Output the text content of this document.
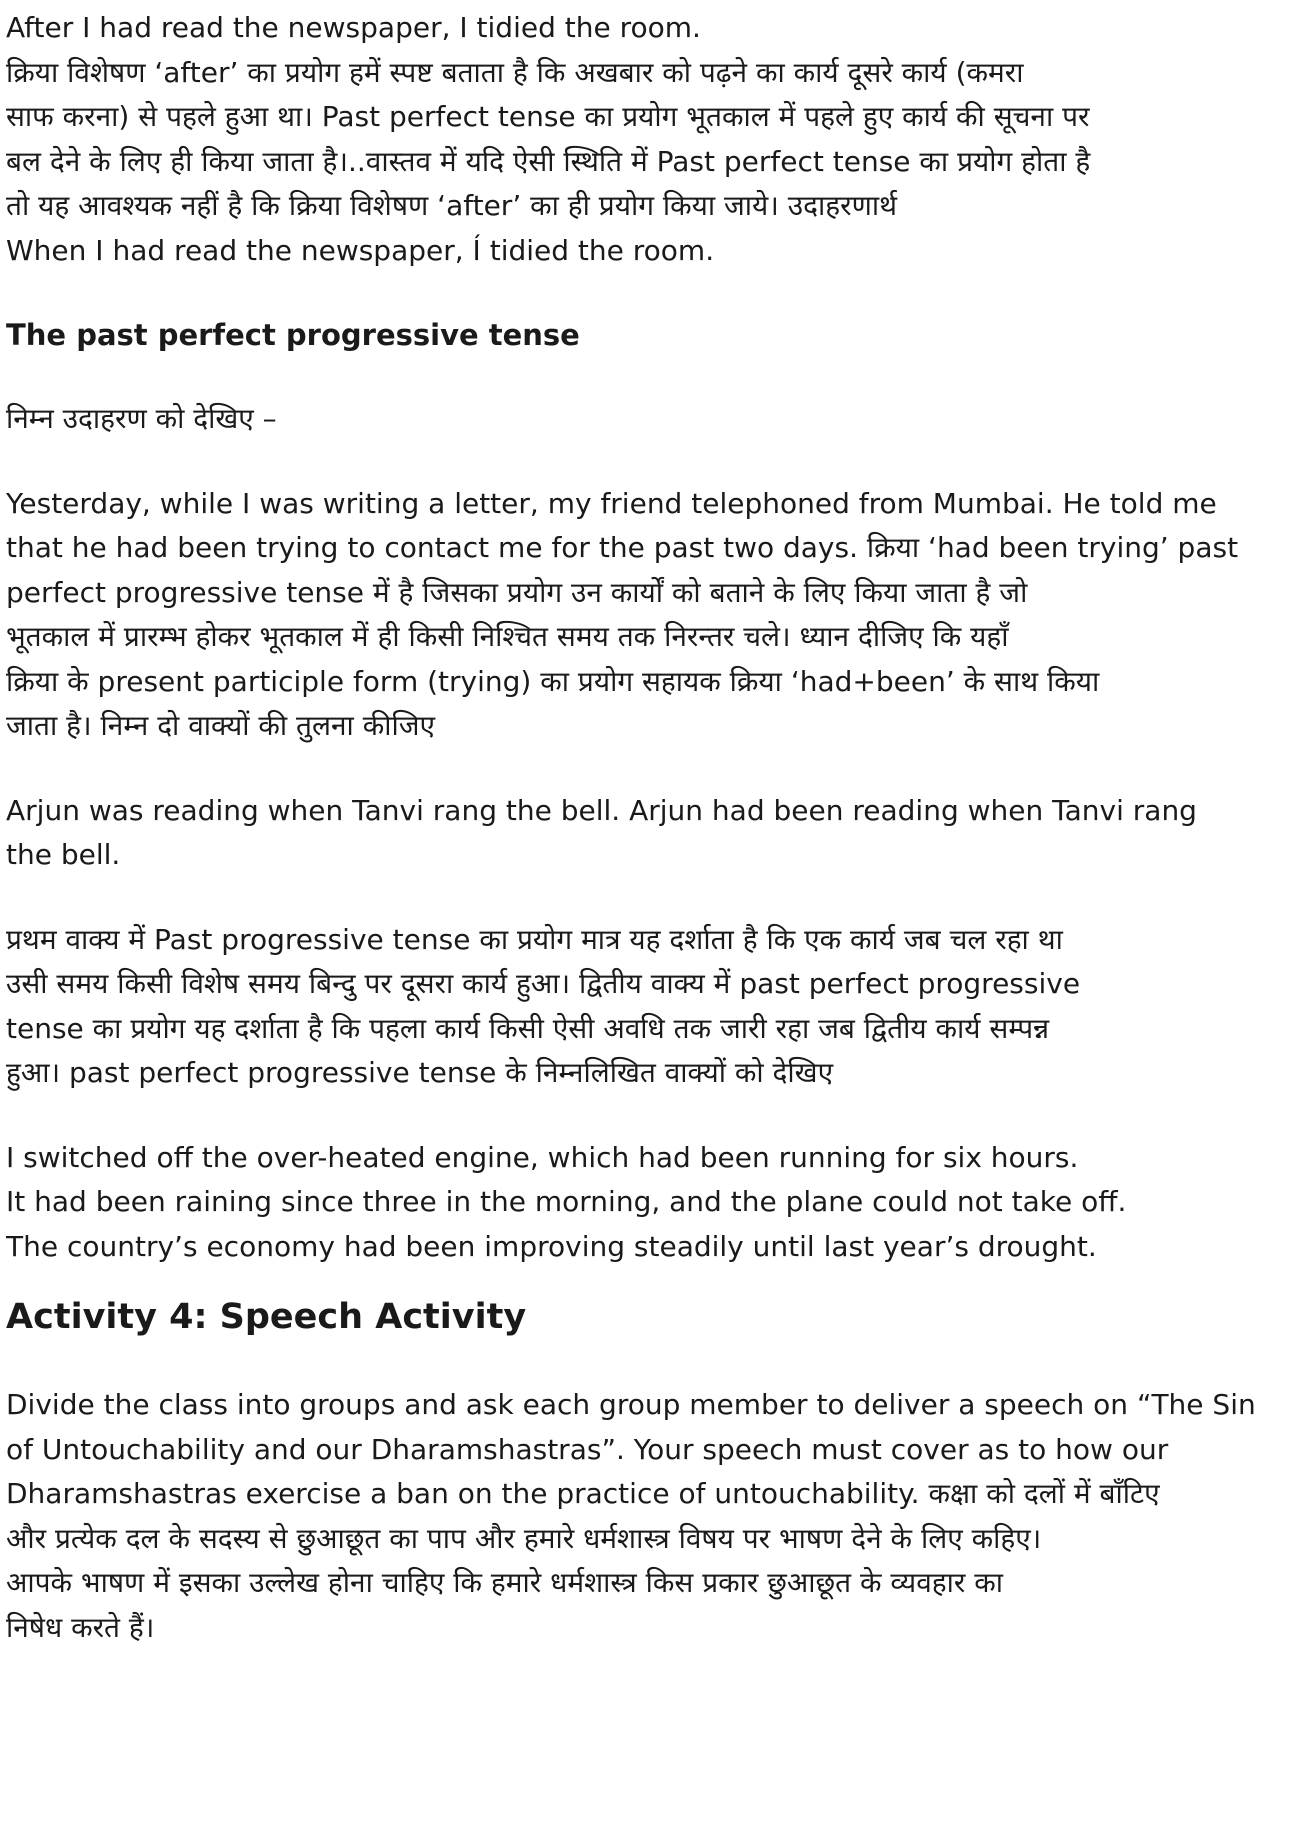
After I had read the newspaper, I tidied the room.

क्रिया विशेषण ‘after’ का प्रयोग हमें स्पष्ट बताता है कि अखबार को पढ़ने का कार्य दूसरे कार्य (कमरा

साफ करना) से पहले हुआ था। Past perfect tense का प्रयोग भूतकाल में पहले हुए कार्य की सूचना पर

बल देने के लिए ही किया जाता है।..वास्तव में यदि ऐसी स्थिति में Past perfect tense का प्रयोग होता है

तो यह आवश्यक नहीं है कि क्रिया विशेषण ‘after’ का ही प्रयोग किया जाये। उदाहरणार्थ

When I had read the newspaper, Í tidied the room.

The past perfect progressive tense

निम्न उदाहरण को देखिए –

Yesterday, while I was writing a letter, my friend telephoned from Mumbai. He told me

that he had been trying to contact me for the past two days. क्रिया ‘had been trying’ past

perfect progressive tense में है जिसका प्रयोग उन कार्यों को बताने के लिए किया जाता है जो

भूतकाल में प्रारम्भ होकर भूतकाल में ही किसी निश्चित समय तक निरन्तर चले। ध्यान दीजिए कि यहाँ

क्रिया के present participle form (trying) का प्रयोग सहायक क्रिया ‘had+been’ के साथ किया

जाता है। निम्न दो वाक्यों की तुलना कीजिए

Arjun was reading when Tanvi rang the bell. Arjun had been reading when Tanvi rang

the bell.

प्रथम वाक्य में Past progressive tense का प्रयोग मात्र यह दर्शाता है कि एक कार्य जब चल रहा था

उसी समय किसी विशेष समय बिन्दु पर दूसरा कार्य हुआ। द्वितीय वाक्य में past perfect progressive

tense का प्रयोग यह दर्शाता है कि पहला कार्य किसी ऐसी अवधि तक जारी रहा जब द्वितीय कार्य सम्पन्न

हुआ। past perfect progressive tense के निम्नलिखित वाक्यों को देखिए

I switched off the over-heated engine, which had been running for six hours.

It had been raining since three in the morning, and the plane could not take off.

The country’s economy had been improving steadily until last year’s drought.

Activity 4: Speech Activity

Divide the class into groups and ask each group member to deliver a speech on “The Sin

of Untouchability and our Dharamshastras”. Your speech must cover as to how our

Dharamshastras exercise a ban on the practice of untouchability. कक्षा को दलों में बाँटिए

और प्रत्येक दल के सदस्य से छुआछूत का पाप और हमारे धर्मशास्त्र विषय पर भाषण देने के लिए कहिए।

आपके भाषण में इसका उल्लेख होना चाहिए कि हमारे धर्मशास्त्र किस प्रकार छुआछूत के व्यवहार का

निषेध करते हैं।
